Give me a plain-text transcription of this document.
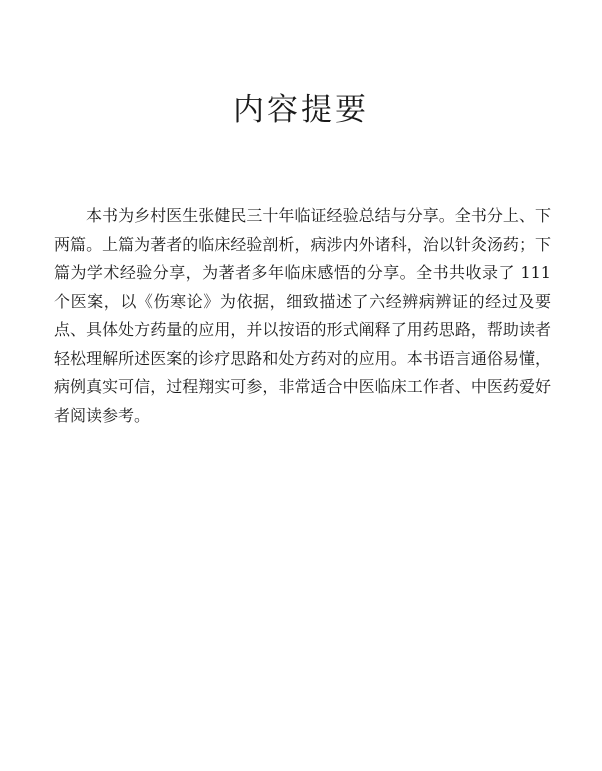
内容提要

本书为乡村医生张健民三十年临证经验总结与分享。全书分上、下两篇。上篇为著者的临床经验剖析，病涉内外诸科，治以针灸汤药；下篇为学术经验分享，为著者多年临床感悟的分享。全书共收录了 111 个医案，以《伤寒论》为依据，细致描述了六经辨病辨证的经过及要点、具体处方药量的应用，并以按语的形式阐释了用药思路，帮助读者轻松理解所述医案的诊疗思路和处方药对的应用。本书语言通俗易懂，病例真实可信，过程翔实可参，非常适合中医临床工作者、中医药爱好者阅读参考。
